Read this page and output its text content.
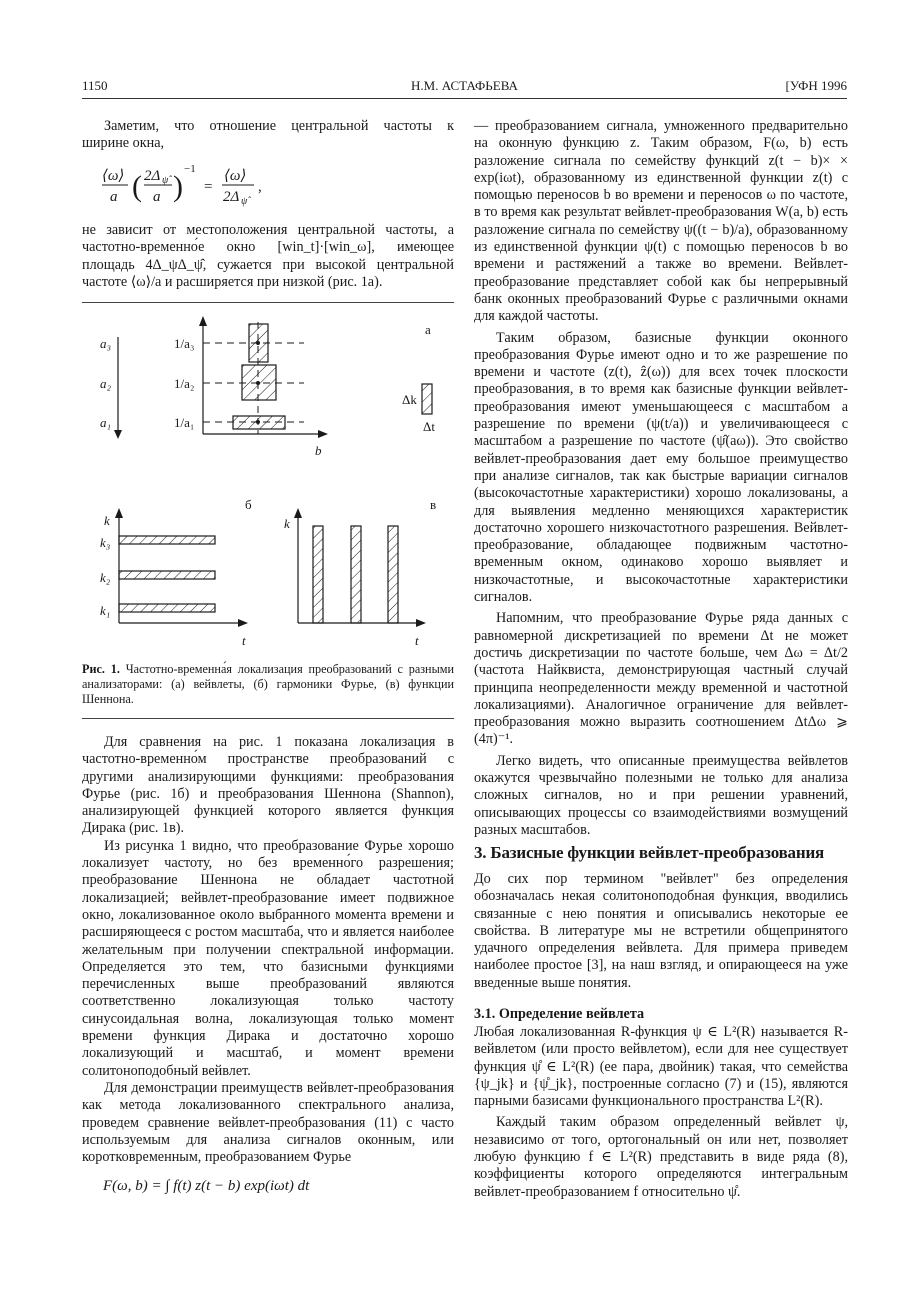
1150	Н.М. АСТАФЬЕВА	[УФН 1996

Заметим, что отношение центральной частоты к

ширине окна,

⟨ω⟩
a ( 2Δ ψ̂
a )
−1
=
⟨ω⟩
2Δ ψ̂
,

не зависит от местоположения центральной частоты, а частотно-временно́е окно [win_t]·[win_ω], имеющее площадь 4Δ_ψΔ_ψ̂, сужается при высокой центральной частоте ⟨ω⟩/a и расширяется при низкой (рис. 1а).

a₃
a₂
a₁
1/a₃
1/a₂
1/a₁
b
а
Δk
Δt
б
k
k₃
k₂
k₁
t
в
k
t
Рис. 1. Частотно-временна́я локализация преобразований с разными анализаторами: (а) вейвлеты, (б) гармоники Фурье, (в) функции Шеннона.

Для сравнения на рис. 1 показана локализация в частотно-временно́м пространстве преобразований с другими анализирующими функциями: преобразования Фурье (рис. 1б) и преобразования Шеннона (Shannon), анализирующей функцией которого является функция Дирака (рис. 1в).

Из рисунка 1 видно, что преобразование Фурье хорошо локализует частоту, но без временно́го разрешения; преобразование Шеннона не обладает частотной локализацией; вейвлет-преобразование имеет подвижное окно, локализованное около выбранного момента времени и расширяющееся с ростом масштаба, что и является наиболее желательным при получении спектральной информации. Определяется это тем, что базисными функциями перечисленных выше преобразований являются соответственно локализующая только частоту синусоидальная волна, локализующая только момент времени функция Дирака и достаточно хорошо локализующий и масштаб, и момент времени солитоноподобный вейвлет.

Для демонстрации преимуществ вейвлет-преобразования как метода локализованного спектрального анализа, проведем сравнение вейвлет-преобразования (11) с часто используемым для анализа сигналов оконным, или коротковременным, преобразованием Фурье

F(ω, b) = ∫ f(t) z(t − b) exp(iωt) dt

— преобразованием сигнала, умноженного предварительно на оконную функцию z. Таким образом, F(ω, b) есть разложение сигнала по семейству функций z(t − b)× × exp(iωt), образованному из единственной функции z(t) с помощью переносов b во времени и переносов ω по частоте, в то время как результат вейвлет-преобразования W(a, b) есть разложение сигнала по семейству ψ((t − b)/a), образованному из единственной функции ψ(t) с помощью переносов b во времени и растяжений a также во времени. Вейвлет-преобразование представляет собой как бы непрерывный банк оконных преобразований Фурье с различными окнами для каждой частоты.

Таким образом, базисные функции оконного преобразования Фурье имеют одно и то же разрешение по времени и частоте (z(t), ẑ(ω)) для всех точек плоскости преобразования, в то время как базисные функции вейвлет-преобразования имеют уменьшающееся с масштабом a разрешение по времени (ψ(t/a)) и увеличивающееся с масштабом a разрешение по частоте (ψ̂(aω)). Это свойство вейвлет-преобразования дает ему большое преимущество при анализе сигналов, так как быстрые вариации сигналов (высокочастотные характеристики) хорошо локализованы, а для выявления медленно меняющихся характеристик достаточно хорошего низкочастотного разрешения. Вейвлет-преобразование, обладающее подвижным частотно-временным окном, одинаково хорошо выявляет и низкочастотные, и высокочастотные характеристики сигналов.

Напомним, что преобразование Фурье ряда данных с равномерной дискретизацией по времени Δt не может достичь дискретизации по частоте больше, чем Δω = Δt/2 (частота Найквиста, демонстрирующая частный случай принципа неопределенности между временной и частотной локализациями). Аналогичное ограничение для вейвлет-преобразования можно выразить соотношением ΔtΔω ⩾ (4π)⁻¹.

Легко видеть, что описанные преимущества вейвлетов окажутся чрезвычайно полезными не только для анализа сложных сигналов, но и при решении уравнений, описывающих процессы со взаимодействиями возмущений разных масштабов.

3. Базисные функции вейвлет-преобразования

До сих пор термином "вейвлет" без определения обозначалась некая солитоноподобная функция, вводились связанные с нею понятия и описывались некоторые ее свойства. В литературе мы не встретили общепринятого удачного определения вейвлета. Для примера приведем наиболее простое [3], на наш взгляд, и опирающееся на уже введенные выше понятия.

3.1. Определение вейвлета

Любая локализованная R-функция ψ ∈ L²(R) называется R-вейвлетом (или просто вейвлетом), если для нее существует функция ψ̊ ∈ L²(R) (ее пара, двойник) такая, что семейства {ψ_jk} и {ψ̊_jk}, построенные согласно (7) и (15), являются парными базисами функционального пространства L²(R).

Каждый таким образом определенный вейвлет ψ, независимо от того, ортогональный он или нет, позволяет любую функцию f ∈ L²(R) представить в виде ряда (8), коэффициенты которого определяются интегральным вейвлет-преобразованием f относительно ψ̊.
